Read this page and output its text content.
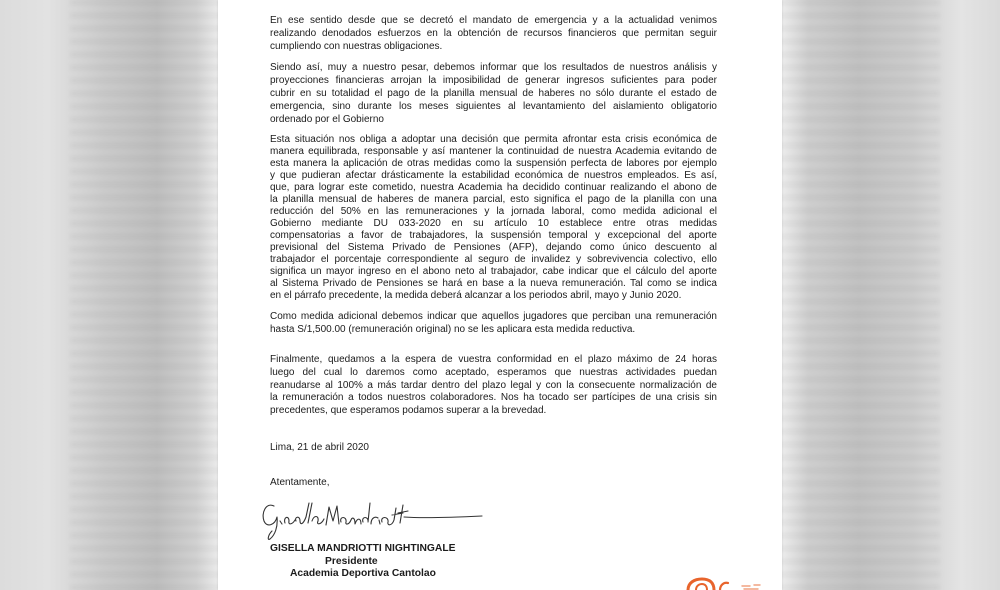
En ese sentido desde que se decretó el mandato de emergencia y a la actualidad venimos
realizando denodados esfuerzos en la obtención de recursos financieros que permitan seguir
cumpliendo con nuestras obligaciones.
Siendo así, muy a nuestro pesar, debemos informar que los resultados de nuestros análisis y
proyecciones financieras arrojan la imposibilidad de generar ingresos suficientes para poder
cubrir en su totalidad el pago de la planilla mensual de haberes no sólo durante el estado de
emergencia, sino durante los meses siguientes al levantamiento del aislamiento obligatorio
ordenado por el Gobierno
Esta situación nos obliga a adoptar una decisión que permita afrontar esta crisis económica de
manera equilibrada, responsable y así mantener la continuidad de nuestra Academia evitando de
esta manera la aplicación de otras medidas como la suspensión perfecta de labores por ejemplo
y que pudieran afectar drásticamente la estabilidad económica de nuestros empleados. Es así,
que, para lograr este cometido, nuestra Academia ha decidido continuar realizando el abono de
la planilla mensual de haberes de manera parcial, esto significa el pago de la planilla con una
reducción del 50% en las remuneraciones y la jornada laboral, como medida adicional el
Gobierno mediante DU 033-2020 en su artículo 10 establece entre otras medidas
compensatorias a favor de trabajadores, la suspensión temporal y excepcional del aporte
previsional del Sistema Privado de Pensiones (AFP), dejando como único descuento al
trabajador el porcentaje correspondiente al seguro de invalidez y sobrevivencia colectivo, ello
significa un mayor ingreso en el abono neto al trabajador, cabe indicar que el cálculo del aporte
al Sistema Privado de Pensiones se hará en base a la nueva remuneración. Tal como se indica
en el párrafo precedente, la medida deberá alcanzar a los periodos abril, mayo y Junio 2020.
Como medida adicional debemos indicar que aquellos jugadores que perciban una remuneración
hasta S/1,500.00 (remuneración original) no se les aplicara esta medida reductiva.
Finalmente, quedamos a la espera de vuestra conformidad en el plazo máximo de 24 horas
luego del cual lo daremos como aceptado, esperamos que nuestras actividades puedan
reanudarse al 100% a más tardar dentro del plazo legal y con la consecuente normalización de
la remuneración a todos nuestros colaboradores. Nos ha tocado ser partícipes de una crisis sin
precedentes, que esperamos podamos superar a la brevedad.
Lima, 21 de abril 2020
Atentamente,
GISELLA MANDRIOTTI NIGHTINGALE
Presidente
Academia Deportiva Cantolao
